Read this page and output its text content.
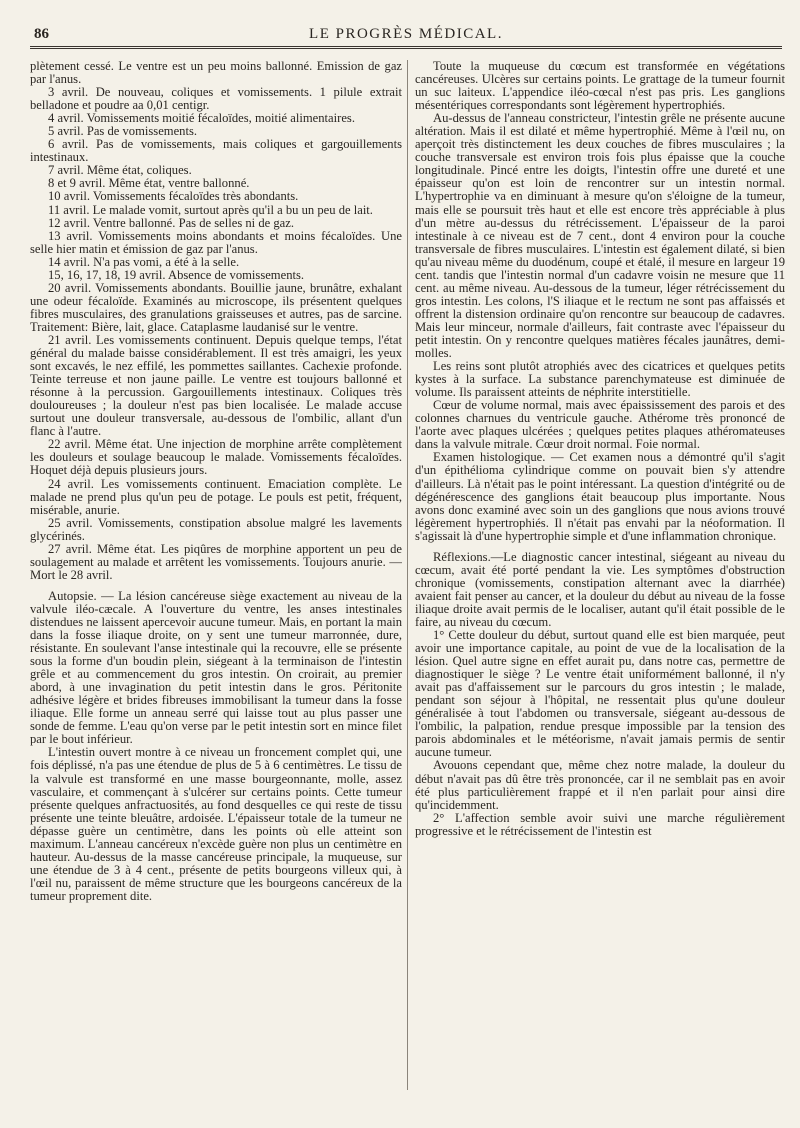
86	LE PROGRÈS MÉDICAL.

plètement cessé. Le ventre est un peu moins ballonné. Emission de gaz par l'anus.

3 avril. De nouveau, coliques et vomissements. 1 pilule extrait belladone et poudre aa 0,01 centigr.

4 avril. Vomissements moitié fécaloïdes, moitié alimentaires.

5 avril. Pas de vomissements.

6 avril. Pas de vomissements, mais coliques et gargouillements intestinaux.

7 avril. Même état, coliques.

8 et 9 avril. Même état, ventre ballonné.

10 avril. Vomissements fécaloïdes très abondants.

11 avril. Le malade vomit, surtout après qu'il a bu un peu de lait.

12 avril. Ventre ballonné. Pas de selles ni de gaz.

13 avril. Vomissements moins abondants et moins fécaloïdes. Une selle hier matin et émission de gaz par l'anus.

14 avril. N'a pas vomi, a été à la selle.

15, 16, 17, 18, 19 avril. Absence de vomissements.

20 avril. Vomissements abondants. Bouillie jaune, brunâtre, exhalant une odeur fécaloïde. Examinés au microscope, ils présentent quelques fibres musculaires, des granulations graisseuses et autres, pas de sarcine. Traitement: Bière, lait, glace. Cataplasme laudanisé sur le ventre.

21 avril. Les vomissements continuent. Depuis quelque temps, l'état général du malade baisse considérablement. Il est très amaigri, les yeux sont excavés, le nez effilé, les pommettes saillantes. Cachexie profonde. Teinte terreuse et non jaune paille. Le ventre est toujours ballonné et résonne à la percussion. Gargouillements intestinaux. Coliques très douloureuses ; la douleur n'est pas bien localisée. Le malade accuse surtout une douleur transversale, au-dessous de l'ombilic, allant d'un flanc à l'autre.

22 avril. Même état. Une injection de morphine arrête complètement les douleurs et soulage beaucoup le malade. Vomissements fécaloïdes. Hoquet déjà depuis plusieurs jours.

24 avril. Les vomissements continuent. Emaciation complète. Le malade ne prend plus qu'un peu de potage. Le pouls est petit, fréquent, misérable, anurie.

25 avril. Vomissements, constipation absolue malgré les lavements glycérinés.

27 avril. Même état. Les piqûres de morphine apportent un peu de soulagement au malade et arrêtent les vomissements. Toujours anurie. — Mort le 28 avril.

Autopsie. — La lésion cancéreuse siège exactement au niveau de la valvule iléo-cæcale. A l'ouverture du ventre, les anses intestinales distendues ne laissent apercevoir aucune tumeur. Mais, en portant la main dans la fosse iliaque droite, on y sent une tumeur marronnée, dure, résistante. En soulevant l'anse intestinale qui la recouvre, elle se présente sous la forme d'un boudin plein, siégeant à la terminaison de l'intestin grêle et au commencement du gros intestin. On croirait, au premier abord, à une invagination du petit intestin dans le gros. Péritonite adhésive légère et brides fibreuses immobilisant la tumeur dans la fosse iliaque. Elle forme un anneau serré qui laisse tout au plus passer une sonde de femme. L'eau qu'on verse par le petit intestin sort en mince filet par le bout inférieur.

L'intestin ouvert montre à ce niveau un froncement complet qui, une fois déplissé, n'a pas une étendue de plus de 5 à 6 centimètres. Le tissu de la valvule est transformé en une masse bourgeonnante, molle, assez vasculaire, et commençant à s'ulcérer sur certains points. Cette tumeur présente quelques anfractuosités, au fond desquelles ce qui reste de tissu présente une teinte bleuâtre, ardoisée. L'épaisseur totale de la tumeur ne dépasse guère un centimètre, dans les points où elle atteint son maximum. L'anneau cancéreux n'excède guère non plus un centimètre en hauteur. Au-dessus de la masse cancéreuse principale, la muqueuse, sur une étendue de 3 à 4 cent., présente de petits bourgeons villeux qui, à l'œil nu, paraissent de même structure que les bourgeons cancéreux de la tumeur proprement dite.

Toute la muqueuse du cœcum est transformée en végétations cancéreuses. Ulcères sur certains points. Le grattage de la tumeur fournit un suc laiteux. L'appendice iléo-cœcal n'est pas pris. Les ganglions mésentériques correspondants sont légèrement hypertrophiés.

Au-dessus de l'anneau constricteur, l'intestin grêle ne présente aucune altération. Mais il est dilaté et même hypertrophié. Même à l'œil nu, on aperçoit très distinctement les deux couches de fibres musculaires ; la couche transversale est environ trois fois plus épaisse que la couche longitudinale. Pincé entre les doigts, l'intestin offre une dureté et une épaisseur qu'on est loin de rencontrer sur un intestin normal. L'hypertrophie va en diminuant à mesure qu'on s'éloigne de la tumeur, mais elle se poursuit très haut et elle est encore très appréciable à plus d'un mètre au-dessus du rétrécissement. L'épaisseur de la paroi intestinale à ce niveau est de 7 cent., dont 4 environ pour la couche transversale de fibres musculaires. L'intestin est également dilaté, si bien qu'au niveau même du duodénum, coupé et étalé, il mesure en largeur 19 cent. tandis que l'intestin normal d'un cadavre voisin ne mesure que 11 cent. au même niveau. Au-dessous de la tumeur, léger rétrécissement du gros intestin. Les colons, l'S iliaque et le rectum ne sont pas affaissés et offrent la distension ordinaire qu'on rencontre sur beaucoup de cadavres. Mais leur minceur, normale d'ailleurs, fait contraste avec l'épaisseur du petit intestin. On y rencontre quelques matières fécales jaunâtres, demi-molles.

Les reins sont plutôt atrophiés avec des cicatrices et quelques petits kystes à la surface. La substance parenchymateuse est diminuée de volume. Ils paraissent atteints de néphrite interstitielle.

Cœur de volume normal, mais avec épaississement des parois et des colonnes charnues du ventricule gauche. Athérome très prononcé de l'aorte avec plaques ulcérées ; quelques petites plaques athéromateuses dans la valvule mitrale. Cœur droit normal. Foie normal.

Examen histologique. — Cet examen nous a démontré qu'il s'agit d'un épithélioma cylindrique comme on pouvait bien s'y attendre d'ailleurs. Là n'était pas le point intéressant. La question d'intégrité ou de dégénérescence des ganglions était beaucoup plus importante. Nous avons donc examiné avec soin un des ganglions que nous avions trouvé légèrement hypertrophiés. Il n'était pas envahi par la néoformation. Il s'agissait là d'une hypertrophie simple et d'une inflammation chronique.

Réflexions.—Le diagnostic cancer intestinal, siégeant au niveau du cœcum, avait été porté pendant la vie. Les symptômes d'obstruction chronique (vomissements, constipation alternant avec la diarrhée) avaient fait penser au cancer, et la douleur du début au niveau de la fosse iliaque droite avait permis de le localiser, autant qu'il était possible de le faire, au niveau du cœcum.

1° Cette douleur du début, surtout quand elle est bien marquée, peut avoir une importance capitale, au point de vue de la localisation de la lésion. Quel autre signe en effet aurait pu, dans notre cas, permettre de diagnostiquer le siège ? Le ventre était uniformément ballonné, il n'y avait pas d'affaissement sur le parcours du gros intestin ; le malade, pendant son séjour à l'hôpital, ne ressentait plus qu'une douleur généralisée à tout l'abdomen ou transversale, siégeant au-dessous de l'ombilic, la palpation, rendue presque impossible par la tension des parois abdominales et le météorisme, n'avait jamais permis de sentir aucune tumeur.

Avouons cependant que, même chez notre malade, la douleur du début n'avait pas dû être très prononcée, car il ne semblait pas en avoir été plus particulièrement frappé et il n'en parlait pour ainsi dire qu'incidemment.

2° L'affection semble avoir suivi une marche régulièrement progressive et le rétrécissement de l'intestin est
